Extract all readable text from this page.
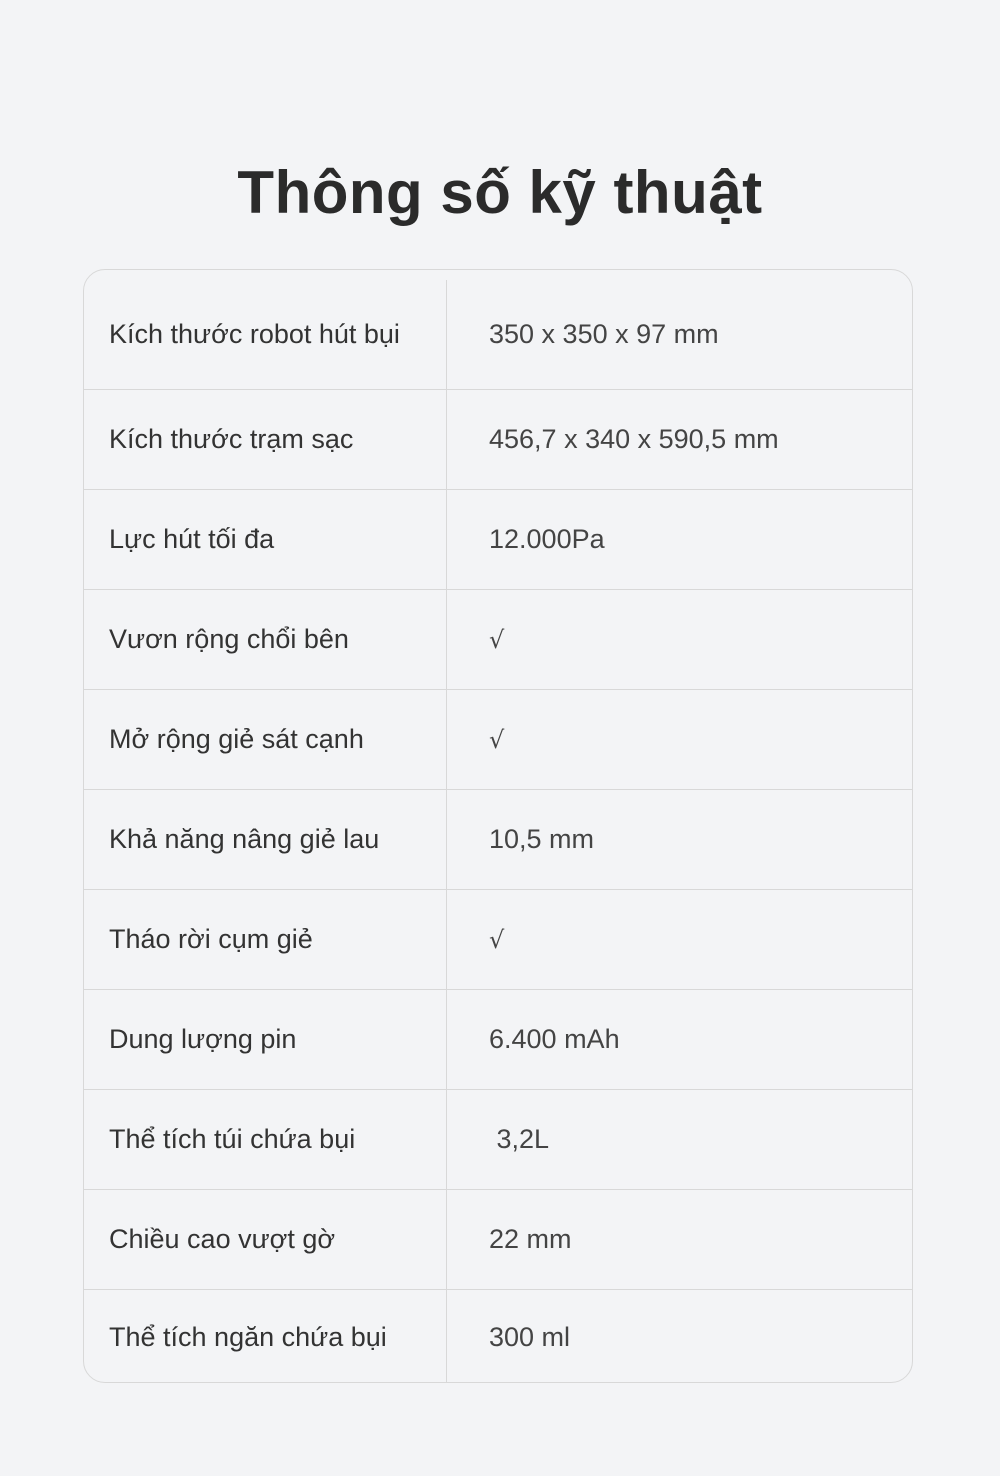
Thông số kỹ thuật
Kích thước robot hút bụi	350 x 350 x 97 mm
Kích thước trạm sạc	456,7 x 340 x 590,5 mm
Lực hút tối đa	12.000Pa
Vươn rộng chổi bên	√
Mở rộng giẻ sát cạnh	√
Khả năng nâng giẻ lau	10,5 mm
Tháo rời cụm giẻ	√
Dung lượng pin	6.400 mAh
Thể tích túi chứa bụi	3,2L
Chiều cao vượt gờ	22 mm
Thể tích ngăn chứa bụi	300 ml
